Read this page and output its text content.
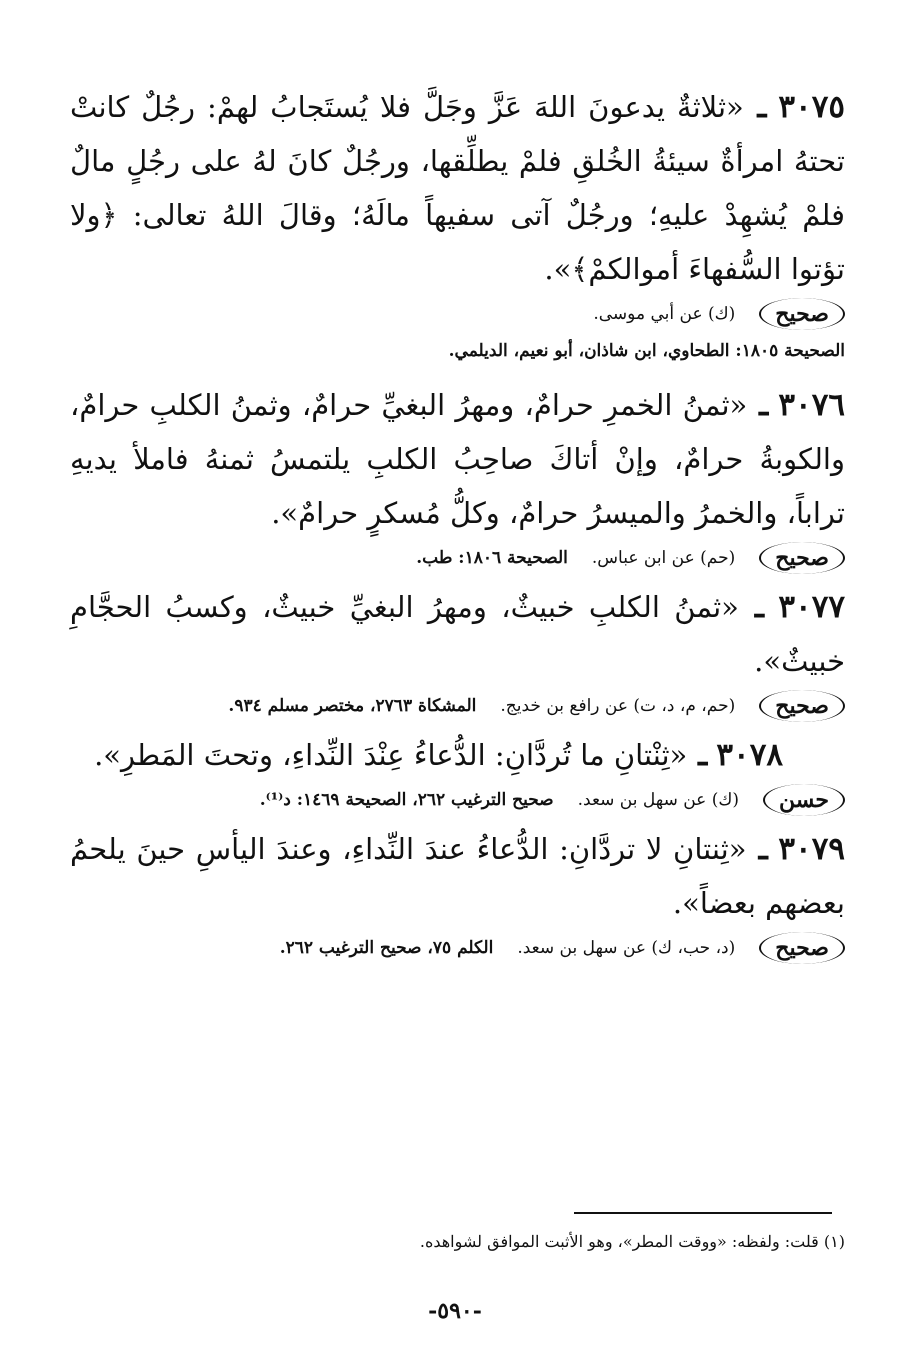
٣٠٧٥ ـ «ثلاثةٌ يدعونَ اللهَ عَزَّ وجَلَّ فلا يُستَجابُ لهمْ: رجُلٌ كانتْ تحتهُ امرأةٌ سيئةُ الخُلقِ فلمْ يطلِّقها، ورجُلٌ كانَ لهُ على رجُلٍ مالٌ فلمْ يُشهِدْ عليهِ؛ ورجُلٌ آتى سفيهاً مالَهُ؛ وقالَ اللهُ تعالى: ﴿ولا تؤتوا السُّفهاءَ أموالكمْ﴾».

صحيح
(ك) عن أبي موسى.
الصحيحة ١٨٠٥: الطحاوي، ابن شاذان، أبو نعيم، الديلمي.

٣٠٧٦ ـ «ثمنُ الخمرِ حرامٌ، ومهرُ البغيِّ حرامٌ، وثمنُ الكلبِ حرامٌ، والكوبةُ حرامٌ، وإنْ أتاكَ صاحِبُ الكلبِ يلتمسُ ثمنهُ فاملأ يديهِ تراباً، والخمرُ والميسرُ حرامٌ، وكلُّ مُسكرٍ حرامٌ».

صحيح
(حم) عن ابن عباس.
الصحيحة ١٨٠٦: طب.

٣٠٧٧ ـ «ثمنُ الكلبِ خبيثٌ، ومهرُ البغيِّ خبيثٌ، وكسبُ الحجَّامِ خبيثٌ».

صحيح
(حم، م، د، ت) عن رافع بن خديج.
المشكاة ٢٧٦٣، مختصر مسلم ٩٣٤.

٣٠٧٨ ـ «ثِنْتانِ ما تُردَّانِ: الدُّعاءُ عِنْدَ النِّداءِ، وتحتَ المَطرِ».

حسن
(ك) عن سهل بن سعد.
صحيح الترغيب ٢٦٢، الصحيحة ١٤٦٩: د⁽¹⁾.

٣٠٧٩ ـ «ثِنتانِ لا تردَّانِ: الدُّعاءُ عندَ النِّداءِ، وعندَ اليأسِ حينَ يلحمُ بعضهم بعضاً».

صحيح
(د، حب، ك) عن سهل بن سعد.
الكلم ٧٥، صحيح الترغيب ٢٦٢.
(١) قلت: ولفظه: «ووقت المطر»، وهو الأثبت الموافق لشواهده.
-٥٩٠-
